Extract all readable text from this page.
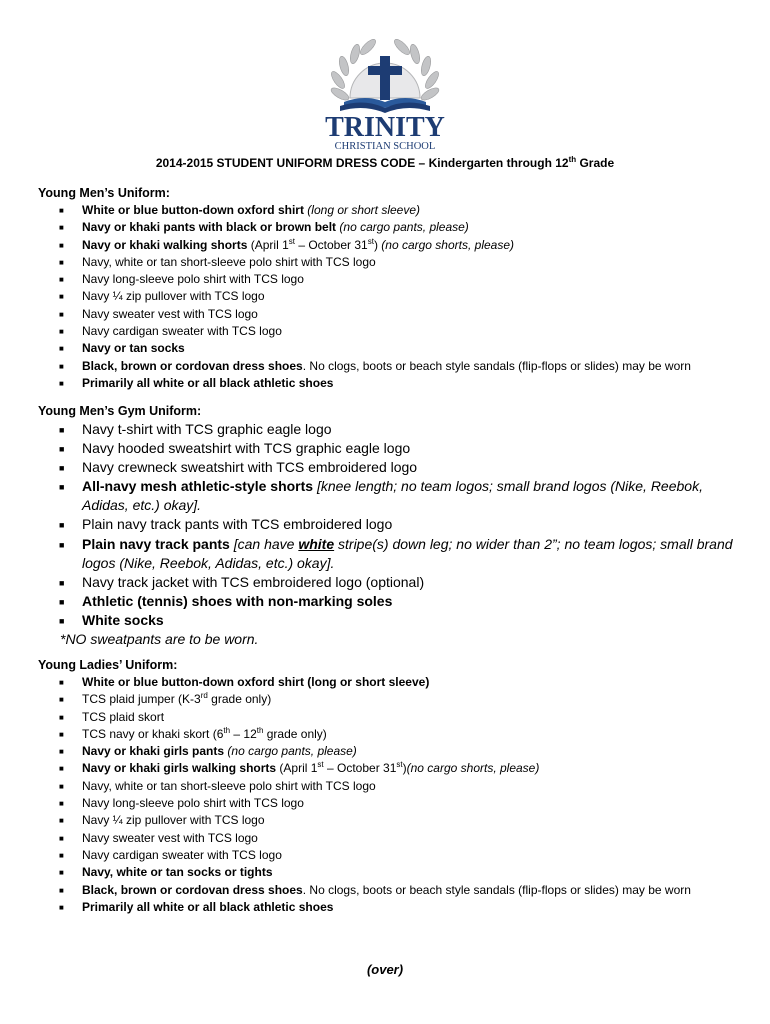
TRINITY
CHRISTIAN SCHOOL
2014-2015 STUDENT UNIFORM DRESS CODE – Kindergarten through 12th Grade
Young Men’s Uniform:
■ White or blue button-down oxford shirt (long or short sleeve)
■ Navy or khaki pants with black or brown belt (no cargo pants, please)
■ Navy or khaki walking shorts (April 1st – October 31st) (no cargo shorts, please)
■ Navy, white or tan short-sleeve polo shirt with TCS logo
■ Navy long-sleeve polo shirt with TCS logo
■ Navy ¼ zip pullover with TCS logo
■ Navy sweater vest with TCS logo
■ Navy cardigan sweater with TCS logo
■ Navy or tan socks
■ Black, brown or cordovan dress shoes. No clogs, boots or beach style sandals (flip-flops or slides) may be worn
■ Primarily all white or all black athletic shoes
Young Men’s Gym Uniform:
■ Navy t-shirt with TCS graphic eagle logo
■ Navy hooded sweatshirt with TCS graphic eagle logo
■ Navy crewneck sweatshirt with TCS embroidered logo
■ All-navy mesh athletic-style shorts [knee length; no team logos; small brand logos (Nike, Reebok, Adidas, etc.) okay].
■ Plain navy track pants with TCS embroidered logo
■ Plain navy track pants [can have white stripe(s) down leg; no wider than 2”; no team logos; small brand logos (Nike, Reebok, Adidas, etc.) okay].
■ Navy track jacket with TCS embroidered logo (optional)
■ Athletic (tennis) shoes with non-marking soles
■ White socks
*NO sweatpants are to be worn.
Young Ladies’ Uniform:
■ White or blue button-down oxford shirt (long or short sleeve)
■ TCS plaid jumper (K-3rd grade only)
■ TCS plaid skort
■ TCS navy or khaki skort (6th – 12th grade only)
■ Navy or khaki girls pants (no cargo pants, please)
■ Navy or khaki girls walking shorts (April 1st – October 31st)(no cargo shorts, please)
■ Navy, white or tan short-sleeve polo shirt with TCS logo
■ Navy long-sleeve polo shirt with TCS logo
■ Navy ¼ zip pullover with TCS logo
■ Navy sweater vest with TCS logo
■ Navy cardigan sweater with TCS logo
■ Navy, white or tan socks or tights
■ Black, brown or cordovan dress shoes. No clogs, boots or beach style sandals (flip-flops or slides) may be worn
■ Primarily all white or all black athletic shoes
(over)
